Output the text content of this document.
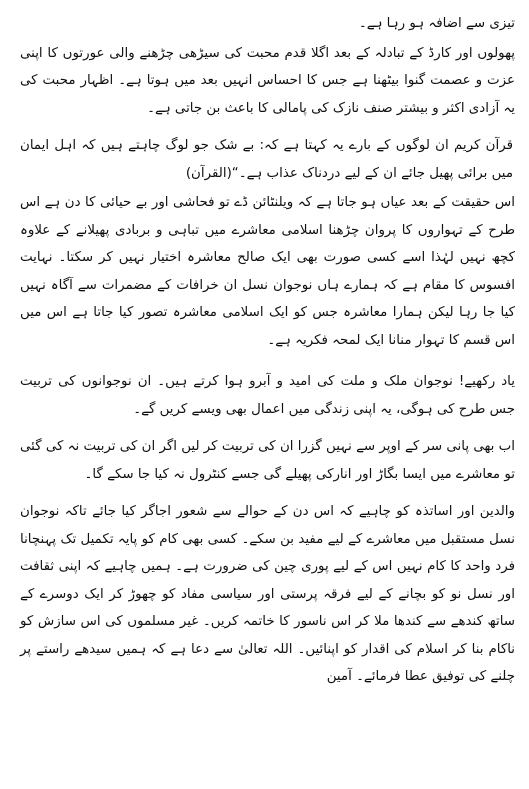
تیزی سے اضافہ ہو رہا ہے۔

پھولوں اور کارڈ کے تبادلہ کے بعد اگلا قدم محبت کی سیڑھی چڑھنے والی عورتوں کا اپنی عزت و عصمت گنوا بیٹھنا ہے جس کا احساس انہیں بعد میں ہوتا ہے۔ اظہار محبت کی یہ آزادی اکثر و بیشتر صنف نازک کی پامالی کا باعث بن جاتی ہے۔

قرآن کریم ان لوگوں کے بارے یہ کہتا ہے کہ: بے شک جو لوگ چاہتے ہیں کہ اہل ایمان میں برائی پھیل جائے ان کے لیے دردناک عذاب ہے۔“(القرآن)

اس حقیقت کے بعد عیاں ہو جاتا ہے کہ ویلنٹائن ڈے تو فحاشی اور بے حیائی کا دن ہے اس طرح کے تہواروں کا پروان چڑھنا اسلامی معاشرے میں تباہی و بربادی پھیلانے کے علاوہ کچھ نہیں لہٰذا اسے کسی صورت بھی ایک صالح معاشرہ اختیار نہیں کر سکتا۔ نہایت افسوس کا مقام ہے کہ ہمارے ہاں نوجوان نسل ان خرافات کے مضمرات سے آگاہ نہیں کیا جا رہا لیکن ہمارا معاشرہ جس کو ایک اسلامی معاشرہ تصور کیا جاتا ہے اس میں اس قسم کا تہوار منانا ایک لمحہ فکریہ ہے۔

یاد رکھیے! نوجوان ملک و ملت کی امید و آبرو ہوا کرتے ہیں۔ ان نوجوانوں کی تربیت جس طرح کی ہوگی، یہ اپنی زندگی میں اعمال بھی ویسے کریں گے۔

اب بھی پانی سر کے اوپر سے نہیں گزرا ان کی تربیت کر لیں اگر ان کی تربیت نہ کی گئی تو معاشرے میں ایسا بگاڑ اور انارکی پھیلے گی جسے کنٹرول نہ کیا جا سکے گا۔

والدین اور اساتذہ کو چاہیے کہ اس دن کے حوالے سے شعور اجاگر کیا جائے تاکہ نوجوان نسل مستقبل میں معاشرے کے لیے مفید بن سکے۔ کسی بھی کام کو پایہ تکمیل تک پہنچانا فرد واحد کا کام نہیں اس کے لیے پوری چین کی ضرورت ہے۔ ہمیں چاہیے کہ اپنی ثقافت اور نسل نو کو بچانے کے لیے فرقہ پرستی اور سیاسی مفاد کو چھوڑ کر ایک دوسرے کے ساتھ کندھے سے کندھا ملا کر اس ناسور کا خاتمہ کریں۔ غیر مسلموں کی اس سازش کو ناکام بنا کر اسلام کی اقدار کو اپنائیں۔ اللہ تعالیٰ سے دعا ہے کہ ہمیں سیدھے راستے پر چلنے کی توفیق عطا فرمائے۔ آمین
